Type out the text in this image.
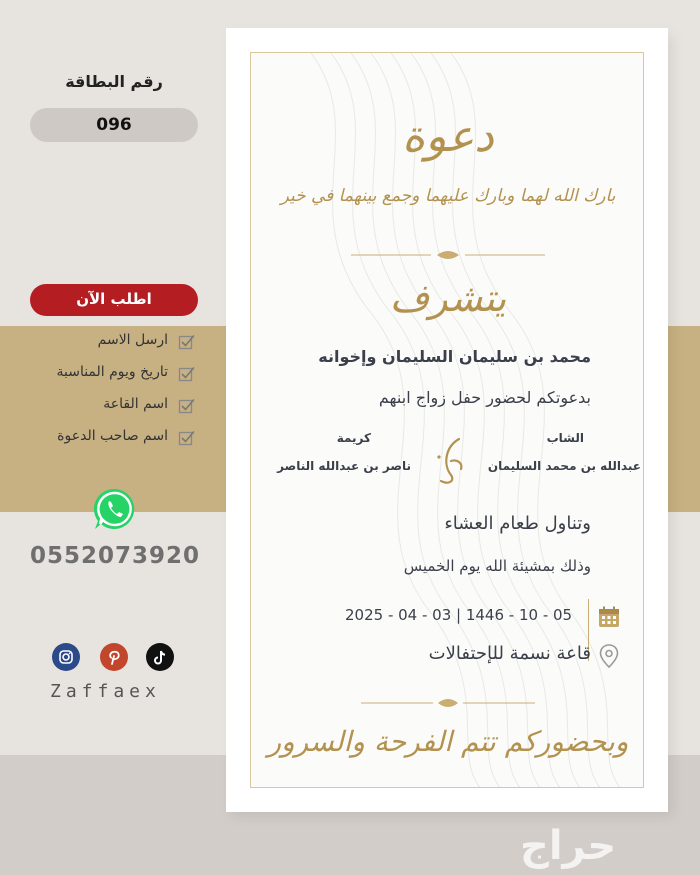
رقم البطاقة
096
اطلب الآن
ارسل الاسم
تاريخ ويوم المناسبة
اسم القاعة
اسم صاحب الدعوة
0552073920
Zaffaex
دعوة
بارك الله لهما وبارك عليهما وجمع بينهما في خير
يتشرف
محمد بن سليمان السليمان وإخوانه
بدعوتكم لحضور حفل زواج ابنهم
الشاب
عبدالله بن محمد السليمان
كريمة
ناصر بن عبدالله الناصر
وتناول طعام العشاء
وذلك بمشيئة الله يوم الخميس
2025 - 04 - 03 | 1446 - 10 - 05
قاعة نسمة للإحتفالات
وبحضوركم تتم الفرحة والسرور
حراج
